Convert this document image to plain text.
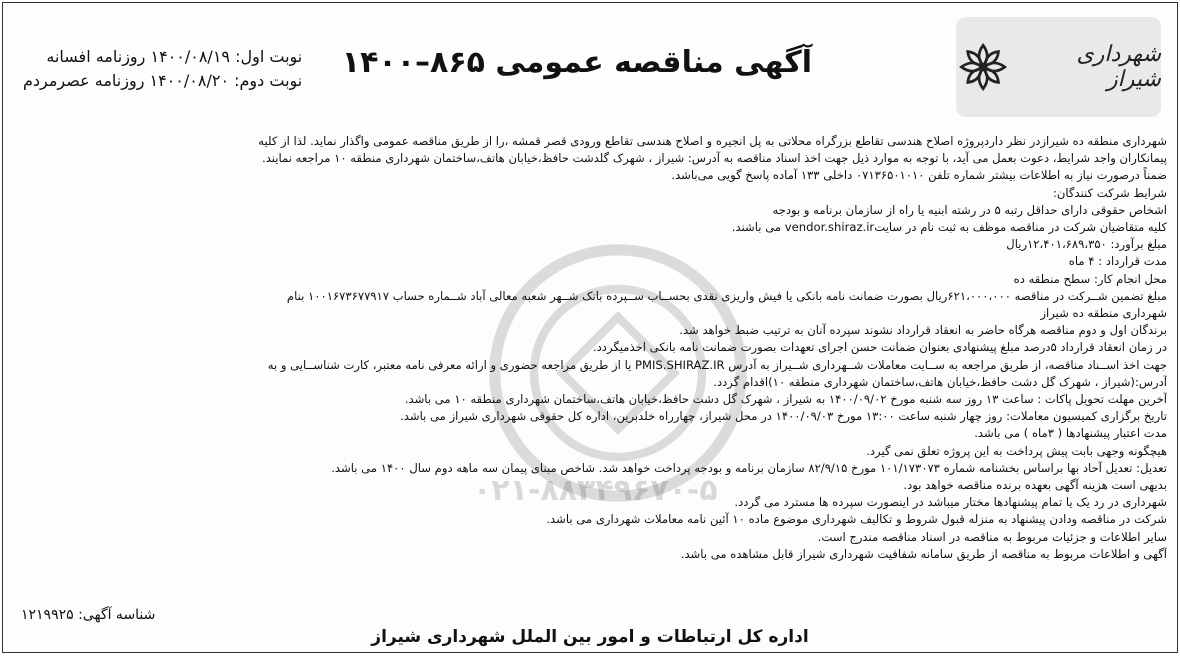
شهرداری شیراز
آگهی مناقصه عمومی ۸۶۵–۱۴۰۰
نوبت اول: ۱۴۰۰/۰۸/۱۹ روزنامه افسانه
نوبت دوم: ۱۴۰۰/۰۸/۲۰ روزنامه عصرمردم
۰۲۱-۸۸۳۴۹۶۷۰-۵
شهرداری منطقه ده شیرازدر نظر دارد‌پروژه اصلاح هندسی تقاطع بزرگراه محلاتی به پل انجیره و اصلاح هندسی تقاطع ورودی قصر قمشه ،را از طریق مناقصه عمومی واگذار نماید. لذا از کلیه
پیمانکاران واجد شرایط، دعوت بعمل می آید، با توجه به موارد ذیل جهت اخذ اسناد مناقصه به آدرس: شیراز ، شهرک گلدشت حافظ،خیابان هاتف،ساختمان شهرداری منطقه ۱۰ مراجعه نمایند.
ضمناً درصورت نیاز به اطلاعات بیشتر شماره تلفن ۰۷۱۳۶۵۰۱۰۱۰ داخلی ۱۳۳ آماده پاسخ گویی می‌باشد.
شرایط شرکت کنندگان:
اشخاص حقوقی دارای حداقل رتبه ۵ در رشته ابنیه یا راه از سازمان برنامه و بودجه
کلیه متقاضیان شرکت در مناقصه موظف به ثبت نام در سایتvendor.shiraz.ir می باشند.
مبلغ برآورد: ۱۲،۴۰۱،۶۸۹،۳۵۰ریال
مدت قرارداد : ۴ ماه
محل انجام کار: سطح منطقه ده
مبلغ تضمین شــرکت در مناقصه ۶۲۱،۰۰۰،۰۰۰ریال بصورت ضمانت نامه بانکی یا فیش واریزی نقدی بحســاب ســپرده بانک شــهر شعبه معالی آباد شــماره حساب ۱۰۰۱۶۷۳۶۷۷۹۱۷ بنام
شهرداری منطقه ده شیراز
برندگان اول و دوم مناقصه هرگاه حاضر به انعقاد قرارداد نشوند سپرده آنان به ترتیب ضبط خواهد شد.
در زمان انعقاد قرارداد ۵درصد مبلغ پیشنهادی بعنوان ضمانت حسن اجرای تعهدات بصورت ضمانت نامه بانکی اخذمیگردد.
جهت اخذ اســناد مناقصه، از طریق مراجعه به ســایت معاملات شــهرداری شــیراز به آدرس PMIS.SHIRAZ.IR یا از طریق مراجعه حضوری و ارائه معرفی نامه معتبر، کارت شناســایی و به
آدرس:(شیراز ، شهرک گل دشت حافظ،خیابان هاتف،ساختمان شهرداری منطقه ۱۰)اقدام گردد.
آخرین مهلت تحویل پاکات : ساعت ۱۳ روز سه شنبه مورخ ۱۴۰۰/۰۹/۰۲ به شیراز ، شهرک گل دشت حافظ،خیابان هاتف،ساختمان شهرداری منطقه ۱۰ می باشد.
تاریخ برگزاری کمیسیون معاملات: روز چهار شنبه ساعت ۱۳:۰۰ مورخ ۱۴۰۰/۰۹/۰۳ در محل شیراز، چهارراه خلدبرین، اداره کل حقوقی شهرداری شیراز می باشد.
مدت اعتبار پیشنهادها ( ۳ماه ) می باشد.
هیچگونه وجهی بابت پیش پرداخت به این پروژه تعلق نمی گیرد.
تعدیل: تعدیل آحاد بها براساس بخشنامه شماره ۱۰۱/۱۷۳۰۷۳ مورخ ۸۲/۹/۱۵ سازمان برنامه و بودجه پرداخت خواهد شد. شاخص مبنای پیمان سه ماهه دوم سال ۱۴۰۰ می باشد.
بدیهی است هزینه آگهی بعهده برنده مناقصه خواهد بود.
شهرداری در رد یک یا تمام پیشنهادها مختار میباشد در اینصورت سپرده ها مسترد می گردد.
شرکت در مناقصه ودادن پیشنهاد به منزله قبول شروط و تکالیف شهرداری موضوع ماده ۱۰ آئین نامه معاملات شهرداری می باشد.
سایر اطلاعات و جزئیات مربوط به مناقصه در اسناد مناقصه مندرج است.
آگهی و اطلاعات مربوط به مناقصه از طریق سامانه شفافیت شهرداری شیراز قابل مشاهده می باشد.
شناسه آگهی: ۱۲۱۹۹۲۵
اداره کل ارتباطات و امور بین الملل شهرداری شیراز
